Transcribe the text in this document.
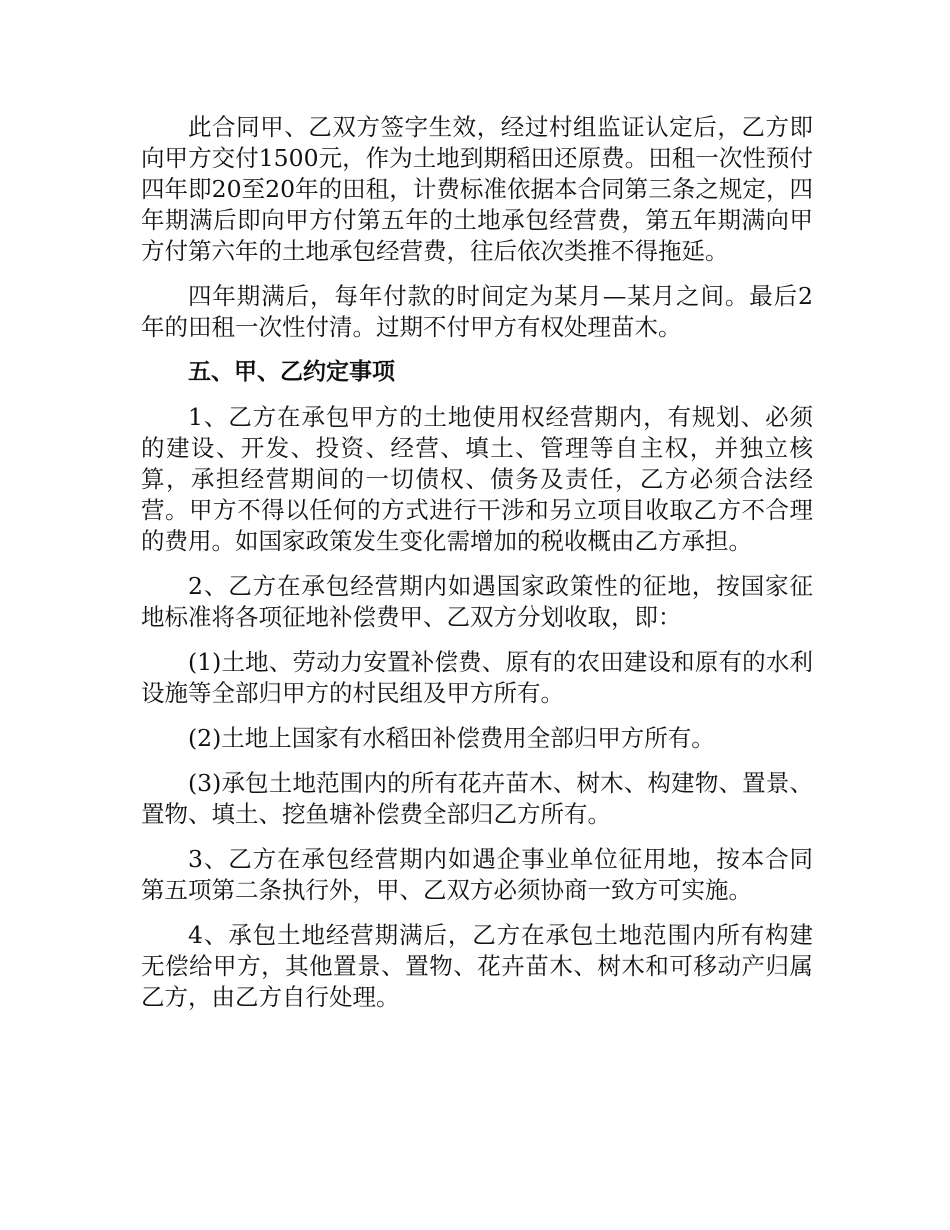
此合同甲、乙双方签字生效，经过村组监证认定后，乙方即向甲方交付1500元，作为土地到期稻田还原费。田租一次性预付四年即20至20年的田租，计费标准依据本合同第三条之规定，四年期满后即向甲方付第五年的土地承包经营费，第五年期满向甲方付第六年的土地承包经营费，往后依次类推不得拖延。

四年期满后，每年付款的时间定为某月—某月之间。最后2年的田租一次性付清。过期不付甲方有权处理苗木。

五、甲、乙约定事项

1、乙方在承包甲方的土地使用权经营期内，有规划、必须的建设、开发、投资、经营、填土、管理等自主权，并独立核算，承担经营期间的一切债权、债务及责任，乙方必须合法经营。甲方不得以任何的方式进行干涉和另立项目收取乙方不合理的费用。如国家政策发生变化需增加的税收概由乙方承担。

2、乙方在承包经营期内如遇国家政策性的征地，按国家征地标准将各项征地补偿费甲、乙双方分划收取，即：

(1)土地、劳动力安置补偿费、原有的农田建设和原有的水利设施等全部归甲方的村民组及甲方所有。

(2)土地上国家有水稻田补偿费用全部归甲方所有。

(3)承包土地范围内的所有花卉苗木、树木、构建物、置景、置物、填土、挖鱼塘补偿费全部归乙方所有。

3、乙方在承包经营期内如遇企事业单位征用地，按本合同第五项第二条执行外，甲、乙双方必须协商一致方可实施。

4、承包土地经营期满后，乙方在承包土地范围内所有构建无偿给甲方，其他置景、置物、花卉苗木、树木和可移动产归属乙方，由乙方自行处理。
